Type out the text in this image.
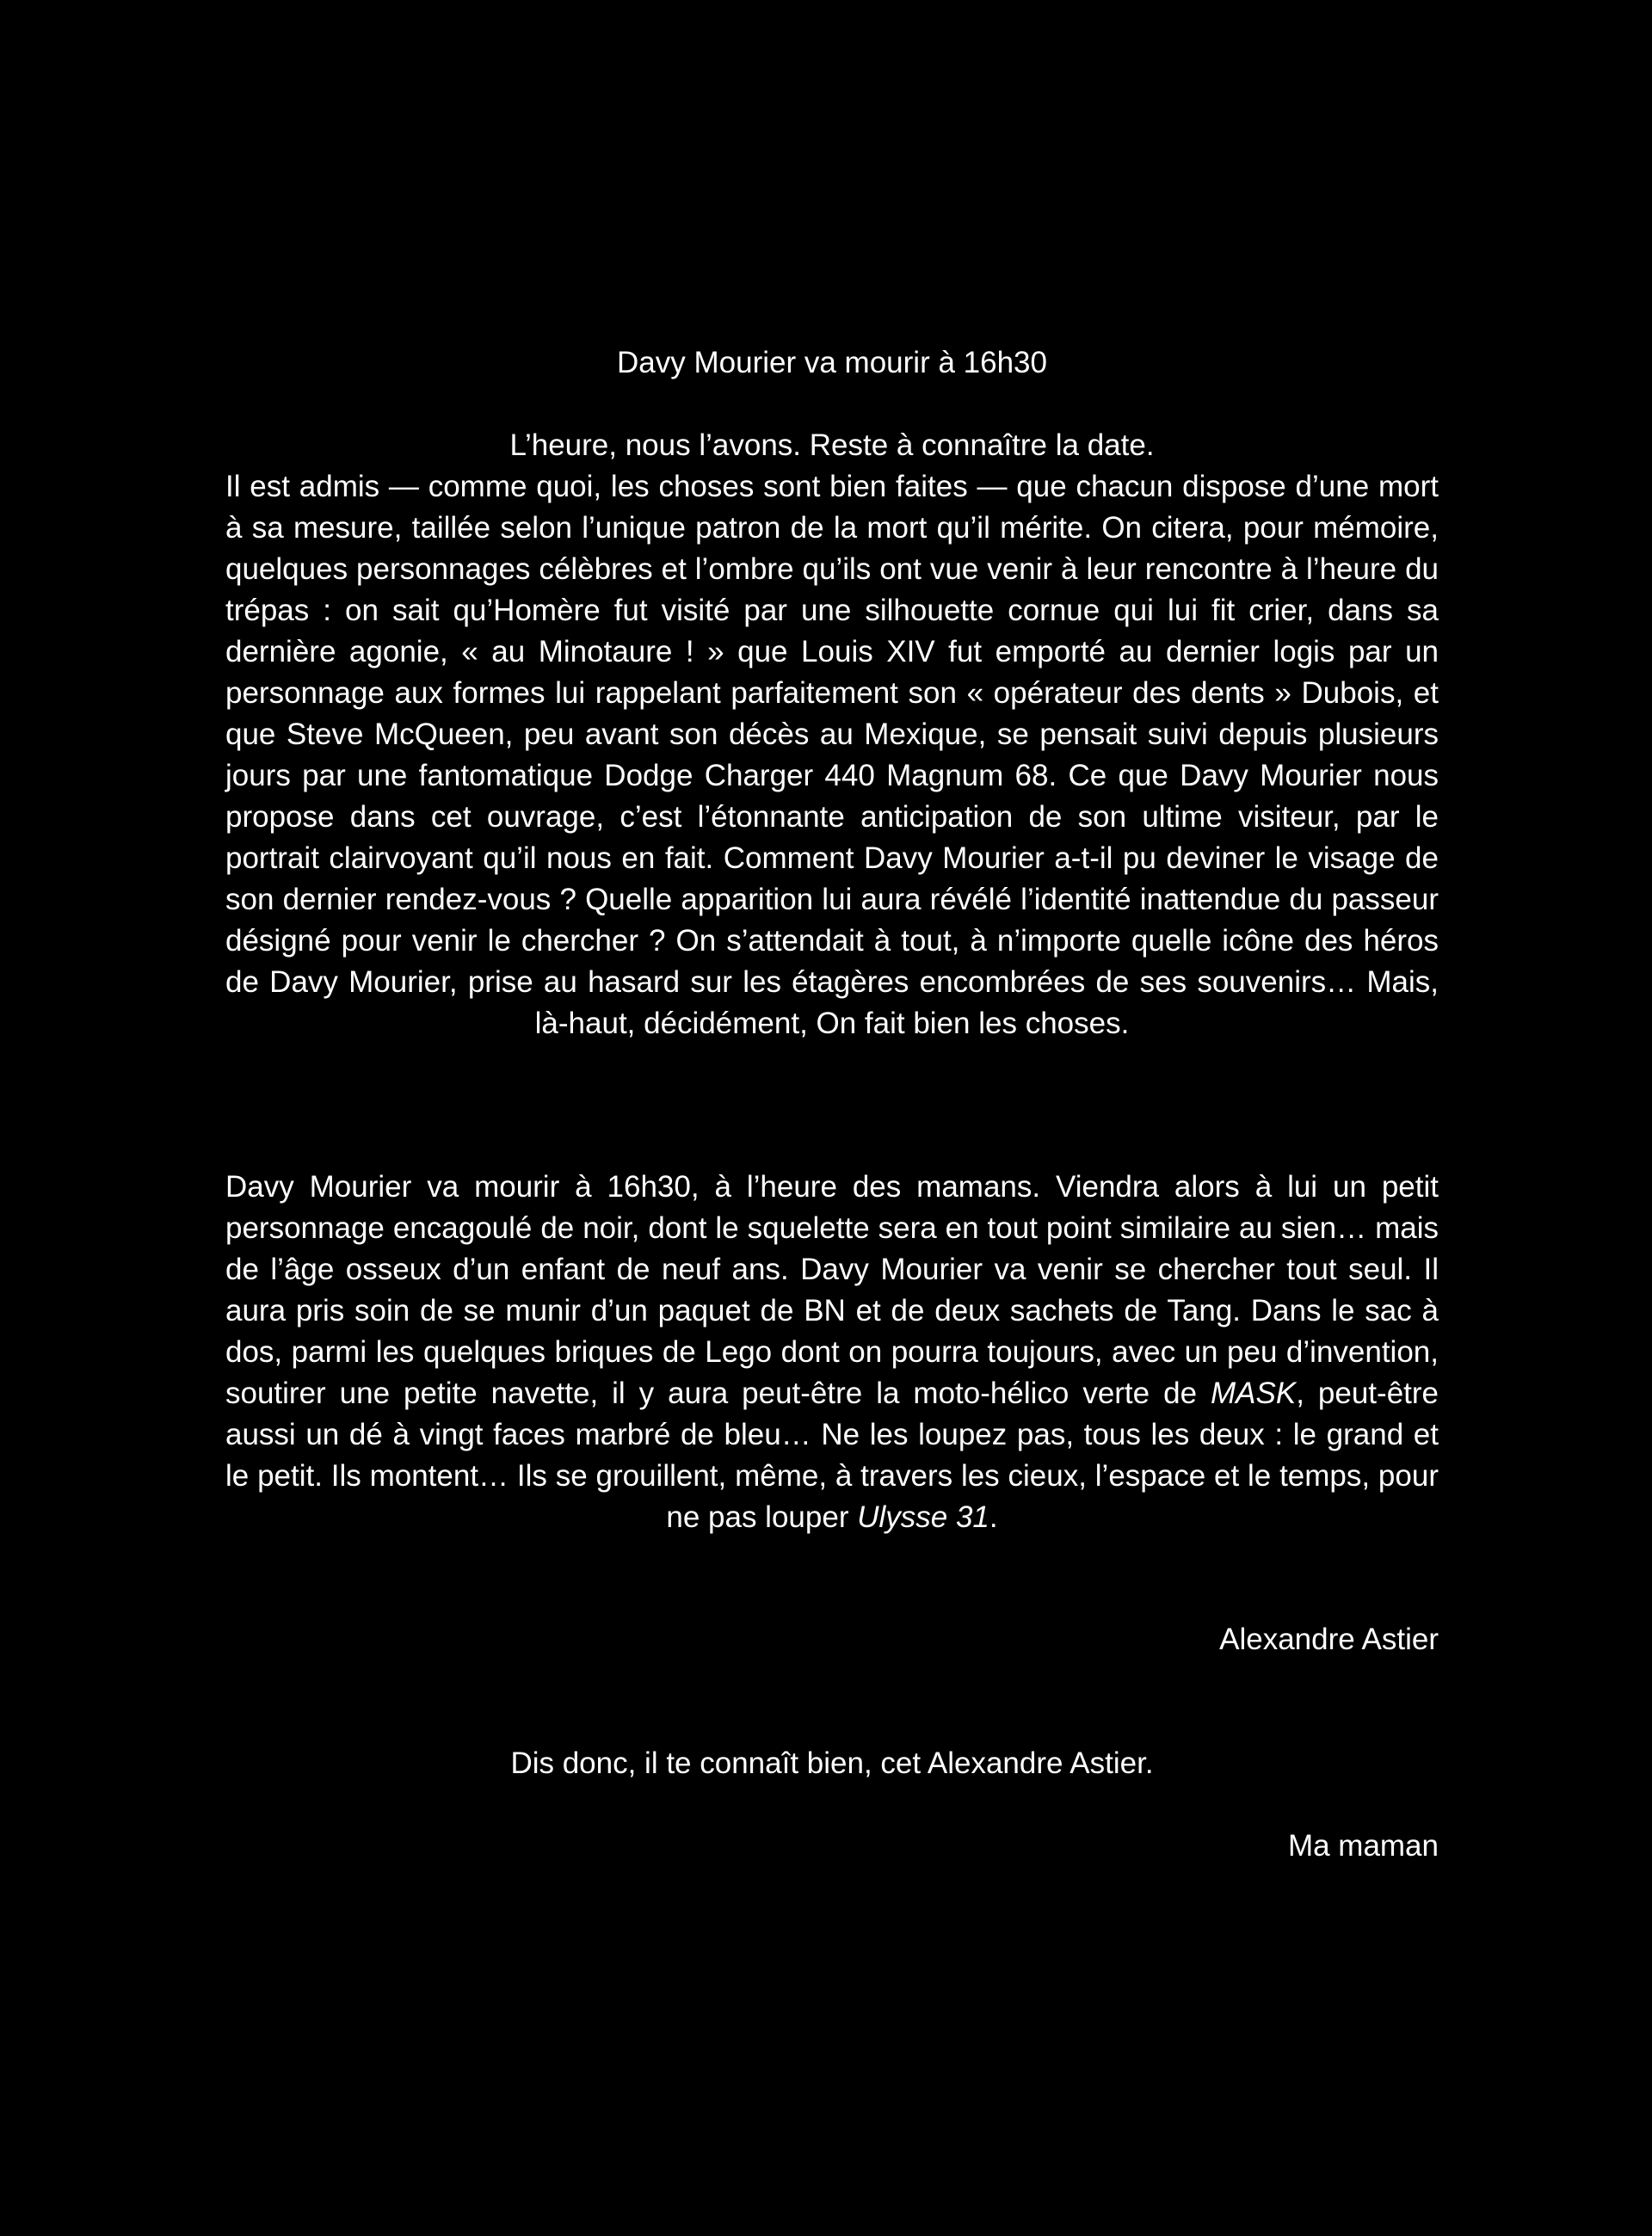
Davy Mourier va mourir à 16h30
L’heure, nous l’avons. Reste à connaître la date.
Il est admis — comme quoi, les choses sont bien faites — que chacun dispose d’une mort à sa mesure, taillée selon l’unique patron de la mort qu’il mérite. On citera, pour mémoire, quelques personnages célèbres et l’ombre qu’ils ont vue venir à leur rencontre à l’heure du trépas : on sait qu’Homère fut visité par une silhouette cornue qui lui fit crier, dans sa dernière agonie, « au Minotaure ! » que Louis XIV fut emporté au dernier logis par un personnage aux formes lui rappelant parfaitement son « opérateur des dents » Dubois, et que Steve McQueen, peu avant son décès au Mexique, se pensait suivi depuis plusieurs jours par une fantomatique Dodge Charger 440 Magnum 68. Ce que Davy Mourier nous propose dans cet ouvrage, c’est l’étonnante anticipation de son ultime visiteur, par le portrait clairvoyant qu’il nous en fait. Comment Davy Mourier a-t-il pu deviner le visage de son dernier rendez-vous ? Quelle apparition lui aura révélé l’identité inattendue du passeur désigné pour venir le chercher ? On s’attendait à tout, à n’importe quelle icône des héros de Davy Mourier, prise au hasard sur les étagères encombrées de ses souvenirs… Mais, là-haut, décidément, On fait bien les choses.
Davy Mourier va mourir à 16h30, à l’heure des mamans. Viendra alors à lui un petit personnage encagoulé de noir, dont le squelette sera en tout point similaire au sien… mais de l’âge osseux d’un enfant de neuf ans. Davy Mourier va venir se chercher tout seul. Il aura pris soin de se munir d’un paquet de BN et de deux sachets de Tang. Dans le sac à dos, parmi les quelques briques de Lego dont on pourra toujours, avec un peu d’invention, soutirer une petite navette, il y aura peut-être la moto-hélico verte de MASK, peut-être aussi un dé à vingt faces marbré de bleu… Ne les loupez pas, tous les deux : le grand et le petit. Ils montent… Ils se grouillent, même, à travers les cieux, l’espace et le temps, pour ne pas louper Ulysse 31.
Alexandre Astier
Dis donc, il te connaît bien, cet Alexandre Astier.
Ma maman
